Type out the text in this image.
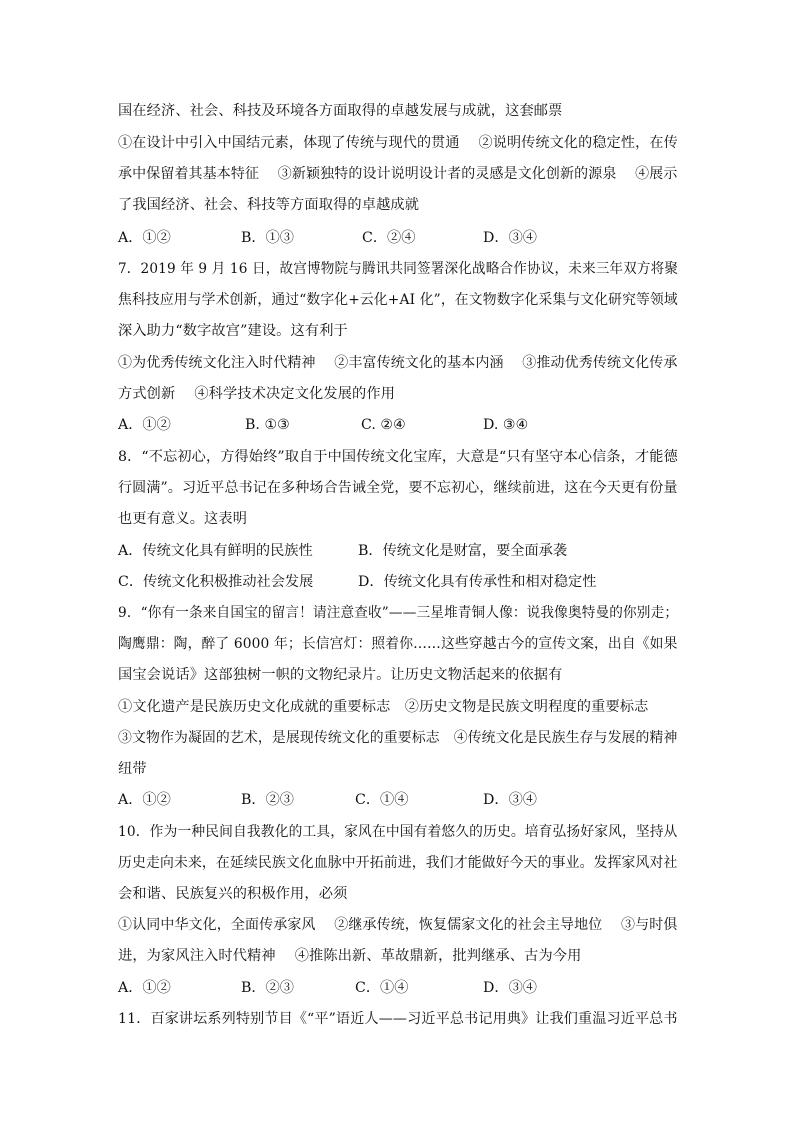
国在经济、社会、科技及环境各方面取得的卓越发展与成就，这套邮票
①在设计中引入中国结元素，体现了传统与现代的贯通　 ②说明传统文化的稳定性，在传
承中保留着其基本特征　 ③新颖独特的设计说明设计者的灵感是文化创新的源泉　 ④展示
了我国经济、社会、科技等方面取得的卓越成就
A．①②	B．①③	C．②④	D．③④
7．2019 年 9 月 16 日，故宫博物院与腾讯共同签署深化战略合作协议，未来三年双方将聚
焦科技应用与学术创新，通过“数字化+云化+AI 化”，在文物数字化采集与文化研究等领域
深入助力“数字故宫”建设。这有利于
①为优秀传统文化注入时代精神　 ②丰富传统文化的基本内涵　 ③推动优秀传统文化传承
方式创新　 ④科学技术决定文化发展的作用
A．①②	B. ①③	C. ②④	D. ③④
8．“不忘初心，方得始终”取自于中国传统文化宝库，大意是“只有坚守本心信条，才能德
行圆满”。习近平总书记在多种场合告诫全党，要不忘初心，继续前进，这在今天更有份量
也更有意义。这表明
A．传统文化具有鲜明的民族性	B．传统文化是财富，要全面承袭
C．传统文化积极推动社会发展	D．传统文化具有传承性和相对稳定性
9．“你有一条来自国宝的留言！请注意查收”——三星堆青铜人像：说我像奥特曼的你别走；
陶鹰鼎：陶，醉了 6000 年；长信宫灯：照着你……这些穿越古今的宣传文案，出自《如果
国宝会说话》这部独树一帜的文物纪录片。让历史文物活起来的依据有
①文化遗产是民族历史文化成就的重要标志　②历史文物是民族文明程度的重要标志
③文物作为凝固的艺术，是展现传统文化的重要标志　④传统文化是民族生存与发展的精神
纽带
A．①②	B．②③	C．①④	D．③④
10．作为一种民间自我教化的工具，家风在中国有着悠久的历史。培育弘扬好家风，坚持从
历史走向未来，在延续民族文化血脉中开拓前进，我们才能做好今天的事业。发挥家风对社
会和谐、民族复兴的积极作用，必须
①认同中华文化，全面传承家风　 ②继承传统，恢复儒家文化的社会主导地位　 ③与时俱
进，为家风注入时代精神　 ④推陈出新、革故鼎新，批判继承、古为今用
A．①②	B．②③	C．①④	D．③④
11．百家讲坛系列特别节目《“平”语近人——习近平总书记用典》让我们重温习近平总书
